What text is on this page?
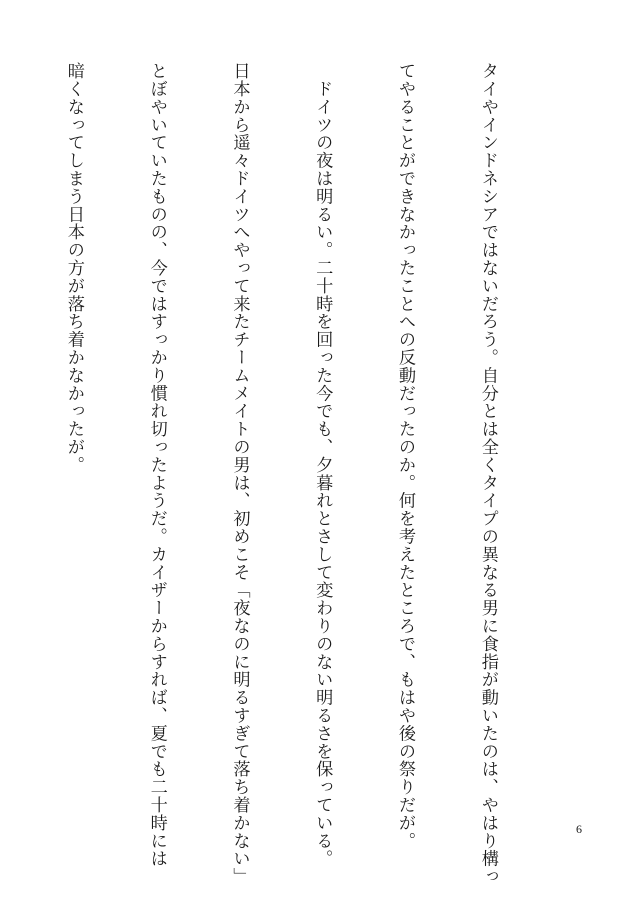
タイやインドネシアではないだろう。自分とは全くタイプの異なる男に食指が動いたのは、やはり構っ

てやることができなかったことへの反動だったのか。何を考えたところで、もはや後の祭りだが。

　ドイツの夜は明るい。二十時を回った今でも、夕暮れとさして変わりのない明るさを保っている。

日本から遥々ドイツへやって来たチームメイトの男は、初めこそ「夜なのに明るすぎて落ち着かない」

とぼやいていたものの、今ではすっかり慣れ切ったようだ。カイザーからすれば、夏でも二十時には

暗くなってしまう日本の方が落ち着かなかったが。

6
